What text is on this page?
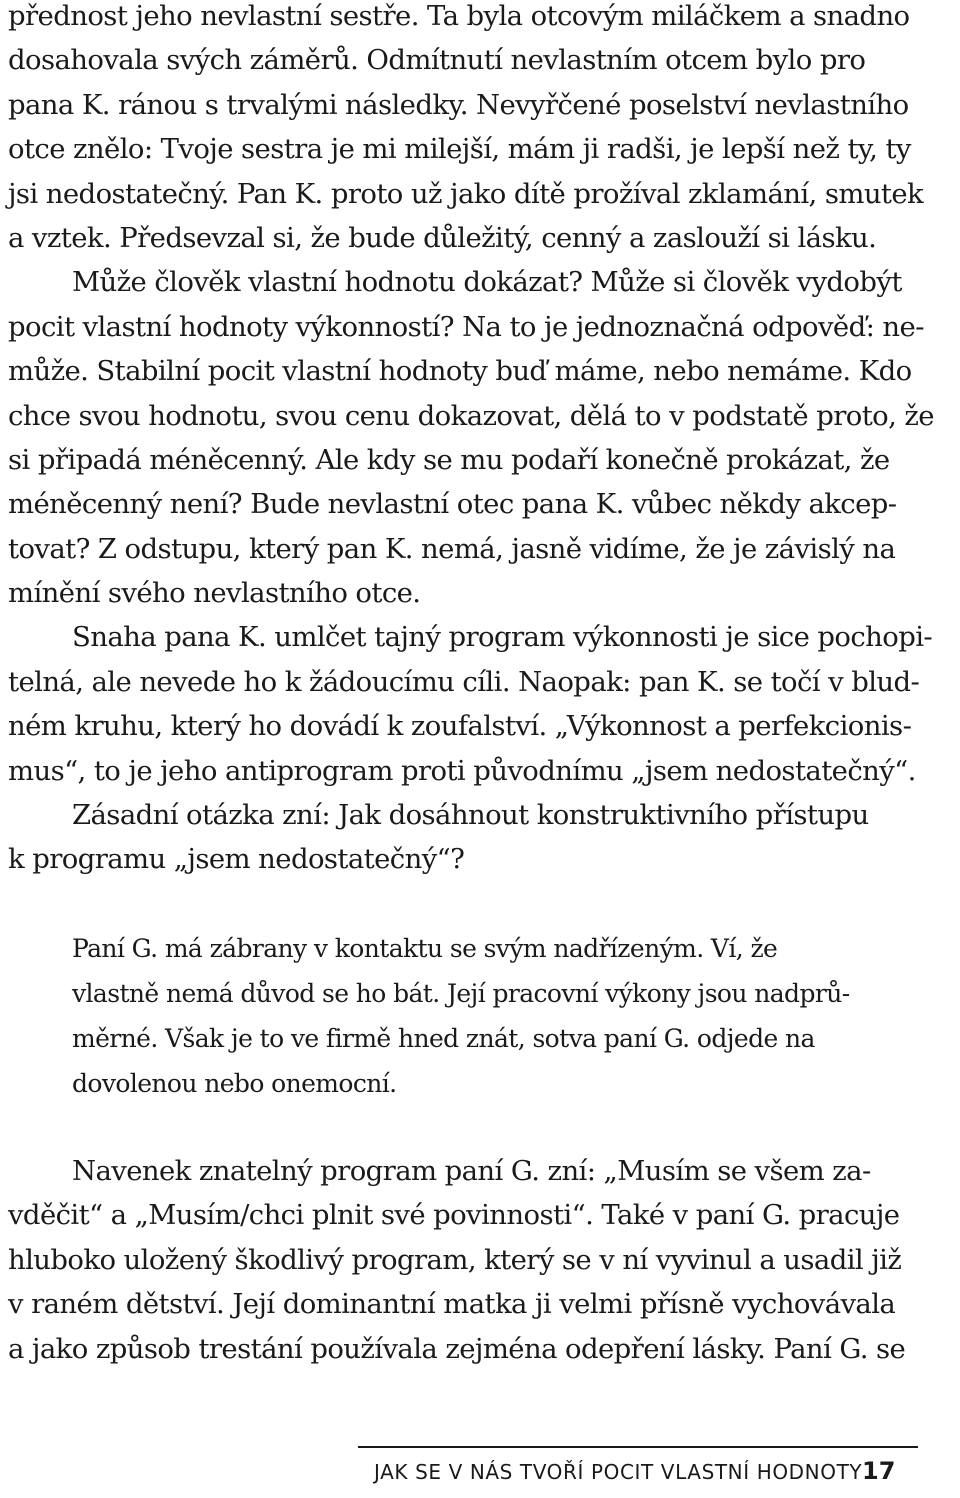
přednost jeho nevlastní sestře. Ta byla otcovým miláčkem a snadno
dosahovala svých záměrů. Odmítnutí nevlastním otcem bylo pro
pana K. ránou s trvalými následky. Nevyřčené poselství nevlastního
otce znělo: Tvoje sestra je mi milejší, mám ji radši, je lepší než ty, ty
jsi nedostatečný. Pan K. proto už jako dítě prožíval zklamání, smutek
a vztek. Předsevzal si, že bude důležitý, cenný a zaslouží si lásku.
Může člověk vlastní hodnotu dokázat? Může si člověk vydobýt
pocit vlastní hodnoty výkonností? Na to je jednoznačná odpověď: ne-
může. Stabilní pocit vlastní hodnoty buď máme, nebo nemáme. Kdo
chce svou hodnotu, svou cenu dokazovat, dělá to v podstatě proto, že
si připadá méněcenný. Ale kdy se mu podaří konečně prokázat, že
méněcenný není? Bude nevlastní otec pana K. vůbec někdy akcep-
tovat? Z odstupu, který pan K. nemá, jasně vidíme, že je závislý na
mínění svého nevlastního otce.
Snaha pana K. umlčet tajný program výkonnosti je sice pochopi-
telná, ale nevede ho k žádoucímu cíli. Naopak: pan K. se točí v blud-
ném kruhu, který ho dovádí k zoufalství. „Výkonnost a perfekcionis-
mus“, to je jeho antiprogram proti původnímu „jsem nedostatečný“.
Zásadní otázka zní: Jak dosáhnout konstruktivního přístupu
k programu „jsem nedostatečný“?
Paní G. má zábrany v kontaktu se svým nadřízeným. Ví, že
vlastně nemá důvod se ho bát. Její pracovní výkony jsou nadprů-
měrné. Však je to ve firmě hned znát, sotva paní G. odjede na
dovolenou nebo onemocní.
Navenek znatelný program paní G. zní: „Musím se všem za-
vděčit“ a „Musím/chci plnit své povinnosti“. Také v paní G. pracuje
hluboko uložený škodlivý program, který se v ní vyvinul a usadil již
v raném dětství. Její dominantní matka ji velmi přísně vychovávala
a jako způsob trestání používala zejména odepření lásky. Paní G. se
JAK SE V NÁS TVOŘÍ POCIT VLASTNÍ HODNOTY 17
